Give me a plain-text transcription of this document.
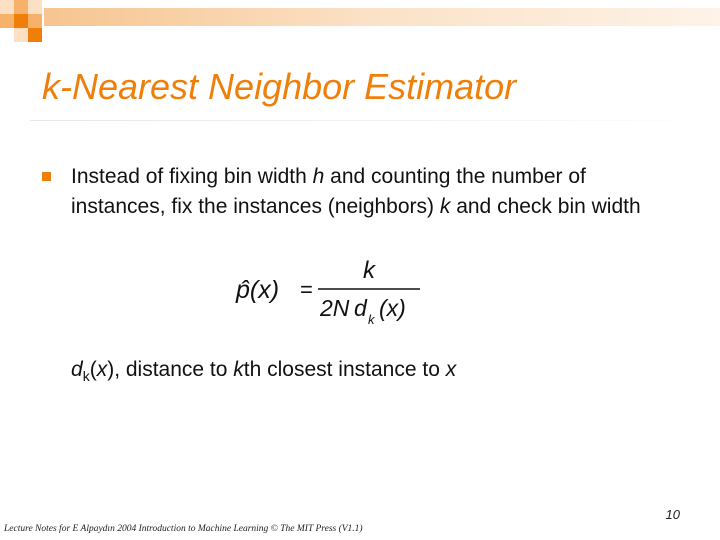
k-Nearest Neighbor Estimator
Instead of fixing bin width h and counting the number of instances, fix the instances (neighbors) k and check bin width
p̂(x) =
k
2N d k (x)
$d_k(x)$, distance to kth closest instance to x
10
Lecture Notes for E Alpaydın 2004 Introduction to Machine Learning © The MIT Press (V1.1)
